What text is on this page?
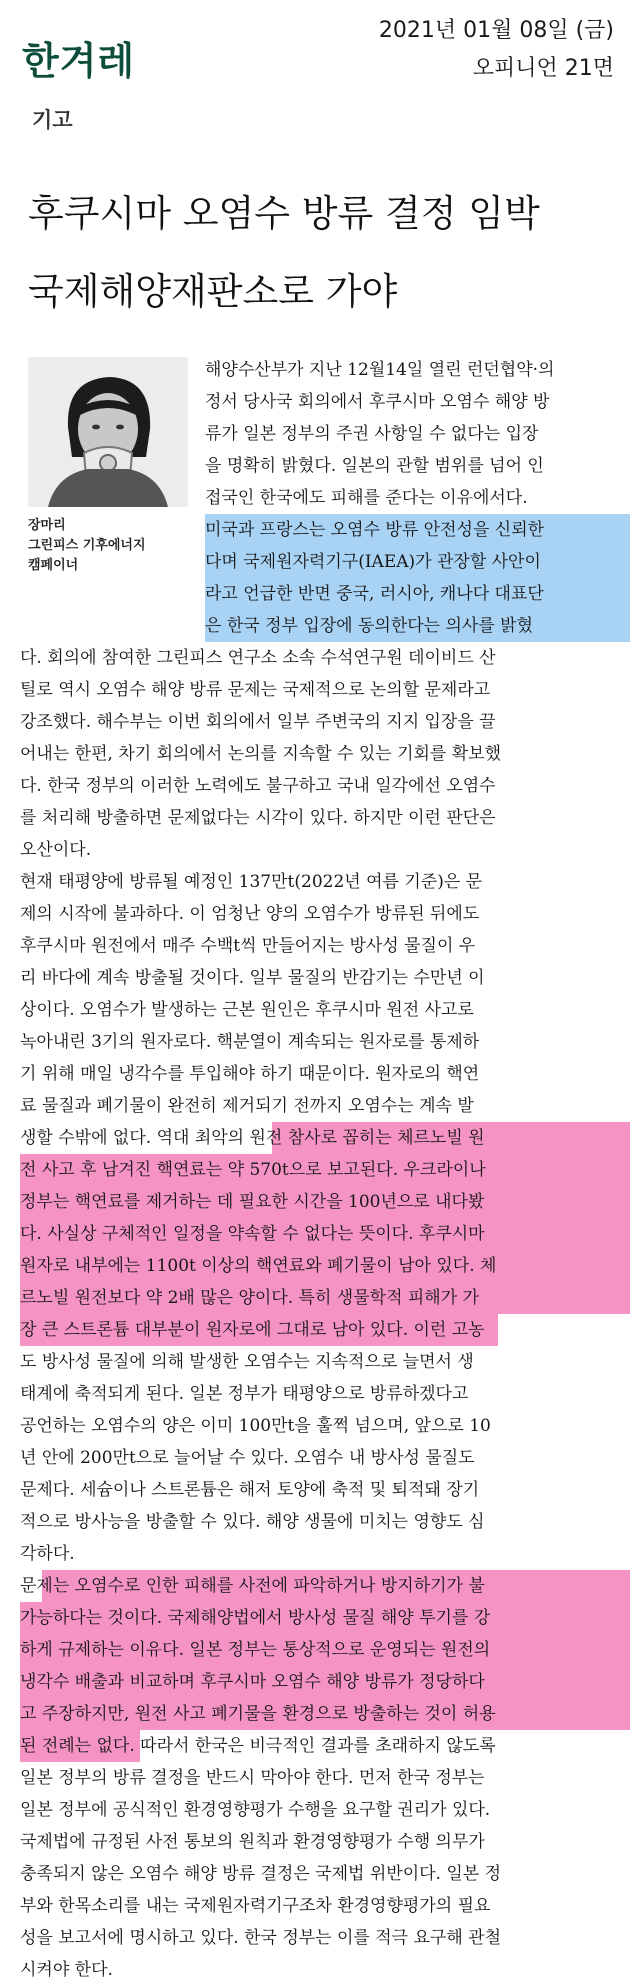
한겨레
2021년 01월 08일 (금)
오피니언 21면
기고
후쿠시마 오염수 방류 결정 임박
국제해양재판소로 가야
장마리
그린피스 기후에너지
캠페이너
해양수산부가 지난 12월14일 열린 런던협약·의
정서 당사국 회의에서 후쿠시마 오염수 해양 방
류가 일본 정부의 주권 사항일 수 없다는 입장
을 명확히 밝혔다. 일본의 관할 범위를 넘어 인
접국인 한국에도 피해를 준다는 이유에서다.
미국과 프랑스는 오염수 방류 안전성을 신뢰한
다며 국제원자력기구(IAEA)가 관장할 사안이
라고 언급한 반면 중국, 러시아, 캐나다 대표단
은 한국 정부 입장에 동의한다는 의사를 밝혔
다. 회의에 참여한 그린피스 연구소 소속 수석연구원 데이비드 산
틸로 역시 오염수 해양 방류 문제는 국제적으로 논의할 문제라고
강조했다. 해수부는 이번 회의에서 일부 주변국의 지지 입장을 끌
어내는 한편, 차기 회의에서 논의를 지속할 수 있는 기회를 확보했
다. 한국 정부의 이러한 노력에도 불구하고 국내 일각에선 오염수
를 처리해 방출하면 문제없다는 시각이 있다. 하지만 이런 판단은
오산이다.
현재 태평양에 방류될 예정인 137만t(2022년 여름 기준)은 문
제의 시작에 불과하다. 이 엄청난 양의 오염수가 방류된 뒤에도
후쿠시마 원전에서 매주 수백t씩 만들어지는 방사성 물질이 우
리 바다에 계속 방출될 것이다. 일부 물질의 반감기는 수만년 이
상이다. 오염수가 발생하는 근본 원인은 후쿠시마 원전 사고로
녹아내린 3기의 원자로다. 핵분열이 계속되는 원자로를 통제하
기 위해 매일 냉각수를 투입해야 하기 때문이다. 원자로의 핵연
료 물질과 폐기물이 완전히 제거되기 전까지 오염수는 계속 발
생할 수밖에 없다. 역대 최악의 원전 참사로 꼽히는 체르노빌 원
전 사고 후 남겨진 핵연료는 약 570t으로 보고된다. 우크라이나
정부는 핵연료를 제거하는 데 필요한 시간을 100년으로 내다봤
다. 사실상 구체적인 일정을 약속할 수 없다는 뜻이다. 후쿠시마
원자로 내부에는 1100t 이상의 핵연료와 폐기물이 남아 있다. 체
르노빌 원전보다 약 2배 많은 양이다. 특히 생물학적 피해가 가
장 큰 스트론튬 대부분이 원자로에 그대로 남아 있다. 이런 고농
도 방사성 물질에 의해 발생한 오염수는 지속적으로 늘면서 생
태계에 축적되게 된다. 일본 정부가 태평양으로 방류하겠다고
공언하는 오염수의 양은 이미 100만t을 훌쩍 넘으며, 앞으로 10
년 안에 200만t으로 늘어날 수 있다. 오염수 내 방사성 물질도
문제다. 세슘이나 스트론튬은 해저 토양에 축적 및 퇴적돼 장기
적으로 방사능을 방출할 수 있다. 해양 생물에 미치는 영향도 심
각하다.
문제는 오염수로 인한 피해를 사전에 파악하거나 방지하기가 불
가능하다는 것이다. 국제해양법에서 방사성 물질 해양 투기를 강
하게 규제하는 이유다. 일본 정부는 통상적으로 운영되는 원전의
냉각수 배출과 비교하며 후쿠시마 오염수 해양 방류가 정당하다
고 주장하지만, 원전 사고 폐기물을 환경으로 방출하는 것이 허용
된 전례는 없다. 따라서 한국은 비극적인 결과를 초래하지 않도록
일본 정부의 방류 결정을 반드시 막아야 한다. 먼저 한국 정부는
일본 정부에 공식적인 환경영향평가 수행을 요구할 권리가 있다.
국제법에 규정된 사전 통보의 원칙과 환경영향평가 수행 의무가
충족되지 않은 오염수 해양 방류 결정은 국제법 위반이다. 일본 정
부와 한목소리를 내는 국제원자력기구조차 환경영향평가의 필요
성을 보고서에 명시하고 있다. 한국 정부는 이를 적극 요구해 관철
시켜야 한다.
